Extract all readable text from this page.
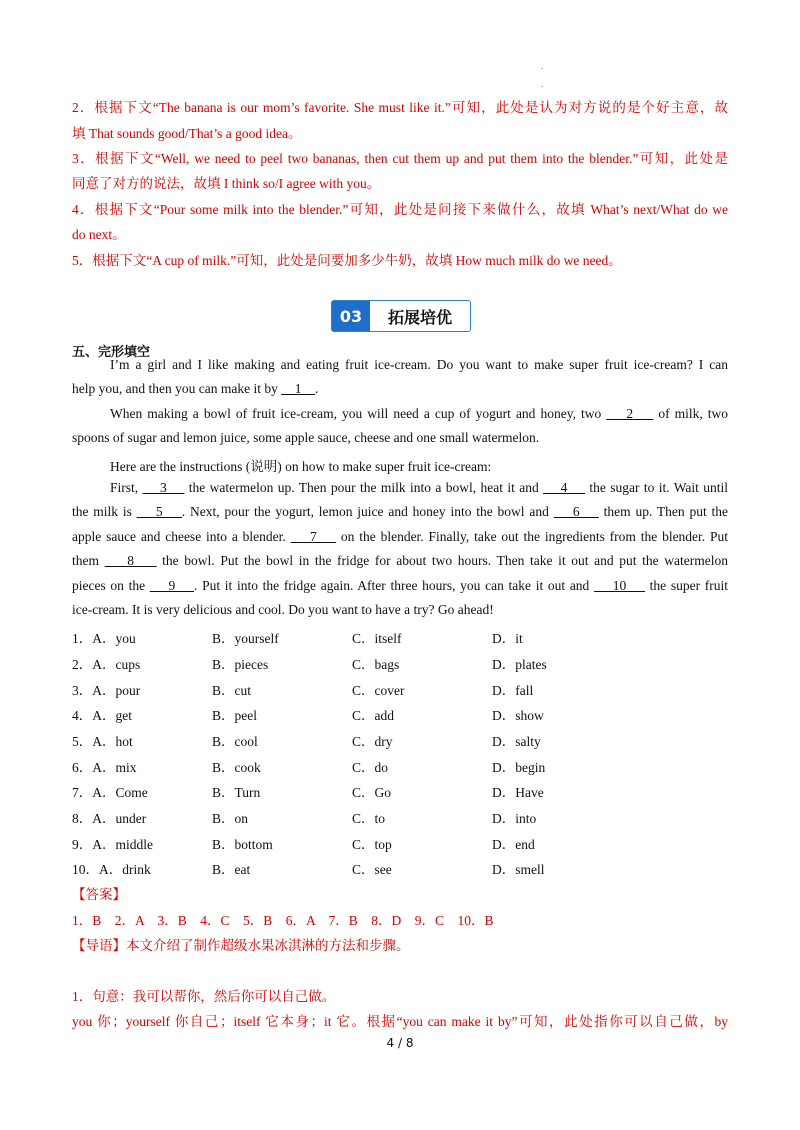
.
.
2．根据下文“The banana is our mom’s favorite. She must like it.”可知，此处是认为对方说的是个好主意，故
填 That sounds good/That’s a good idea。
3．根据下文“Well, we need to peel two bananas, then cut them up and put them into the blender.”可知，此处是
同意了对方的说法，故填 I think so/I agree with you。
4．根据下文“Pour some milk into the blender.”可知，此处是问接下来做什么，故填 What’s next/What do we
do next。
5．根据下文“A cup of milk.”可知，此处是问要加多少牛奶，故填 How much milk do we need。
03	拓展培优
五、完形填空
I’m a girl and I like making and eating fruit ice-cream. Do you want to make super fruit ice-cream? I can
help you, and then you can make it by     1    .
When making a bowl of fruit ice-cream, you will need a cup of yogurt and honey, two     2     of milk, two
spoons of sugar and lemon juice, some apple sauce, cheese and one small watermelon.
Here are the instructions (说明) on how to make super fruit ice-cream:
First,     3     the watermelon up. Then pour the milk into a bowl, heat it and     4     the sugar to it. Wait until
the milk is     5    . Next, pour the yogurt, lemon juice and honey into the bowl and     6     them up. Then put the
apple sauce and cheese into a blender.     7     on the blender. Finally, take out the ingredients from the blender. Put
them     8     the bowl. Put the bowl in the fridge for about two hours. Then take it out and put the watermelon
pieces on the     9    . Put it into the fridge again. After three hours, you can take it out and     10     the super fruit
ice-cream. It is very delicious and cool. Do you want to have a try? Go ahead!
1．A．you	B．yourself	C．itself	D．it
2．A．cups	B．pieces	C．bags	D．plates
3．A．pour	B．cut	C．cover	D．fall
4．A．get	B．peel	C．add	D．show
5．A．hot	B．cool	C．dry	D．salty
6．A．mix	B．cook	C．do	D．begin
7．A．Come	B．Turn	C．Go	D．Have
8．A．under	B．on	C．to	D．into
9．A．middle	B．bottom	C．top	D．end
10．A．drink	B．eat	C．see	D．smell
【答案】
1．B　2．A　3．B　4．C　5．B　6．A　7．B　8．D　9．C　10．B
【导语】本文介绍了制作超级水果冰淇淋的方法和步骤。
1．句意：我可以帮你，然后你可以自己做。
you 你；yourself 你自己；itself 它本身；it 它。根据“you can make it by”可知，此处指你可以自己做，by
4 / 8
